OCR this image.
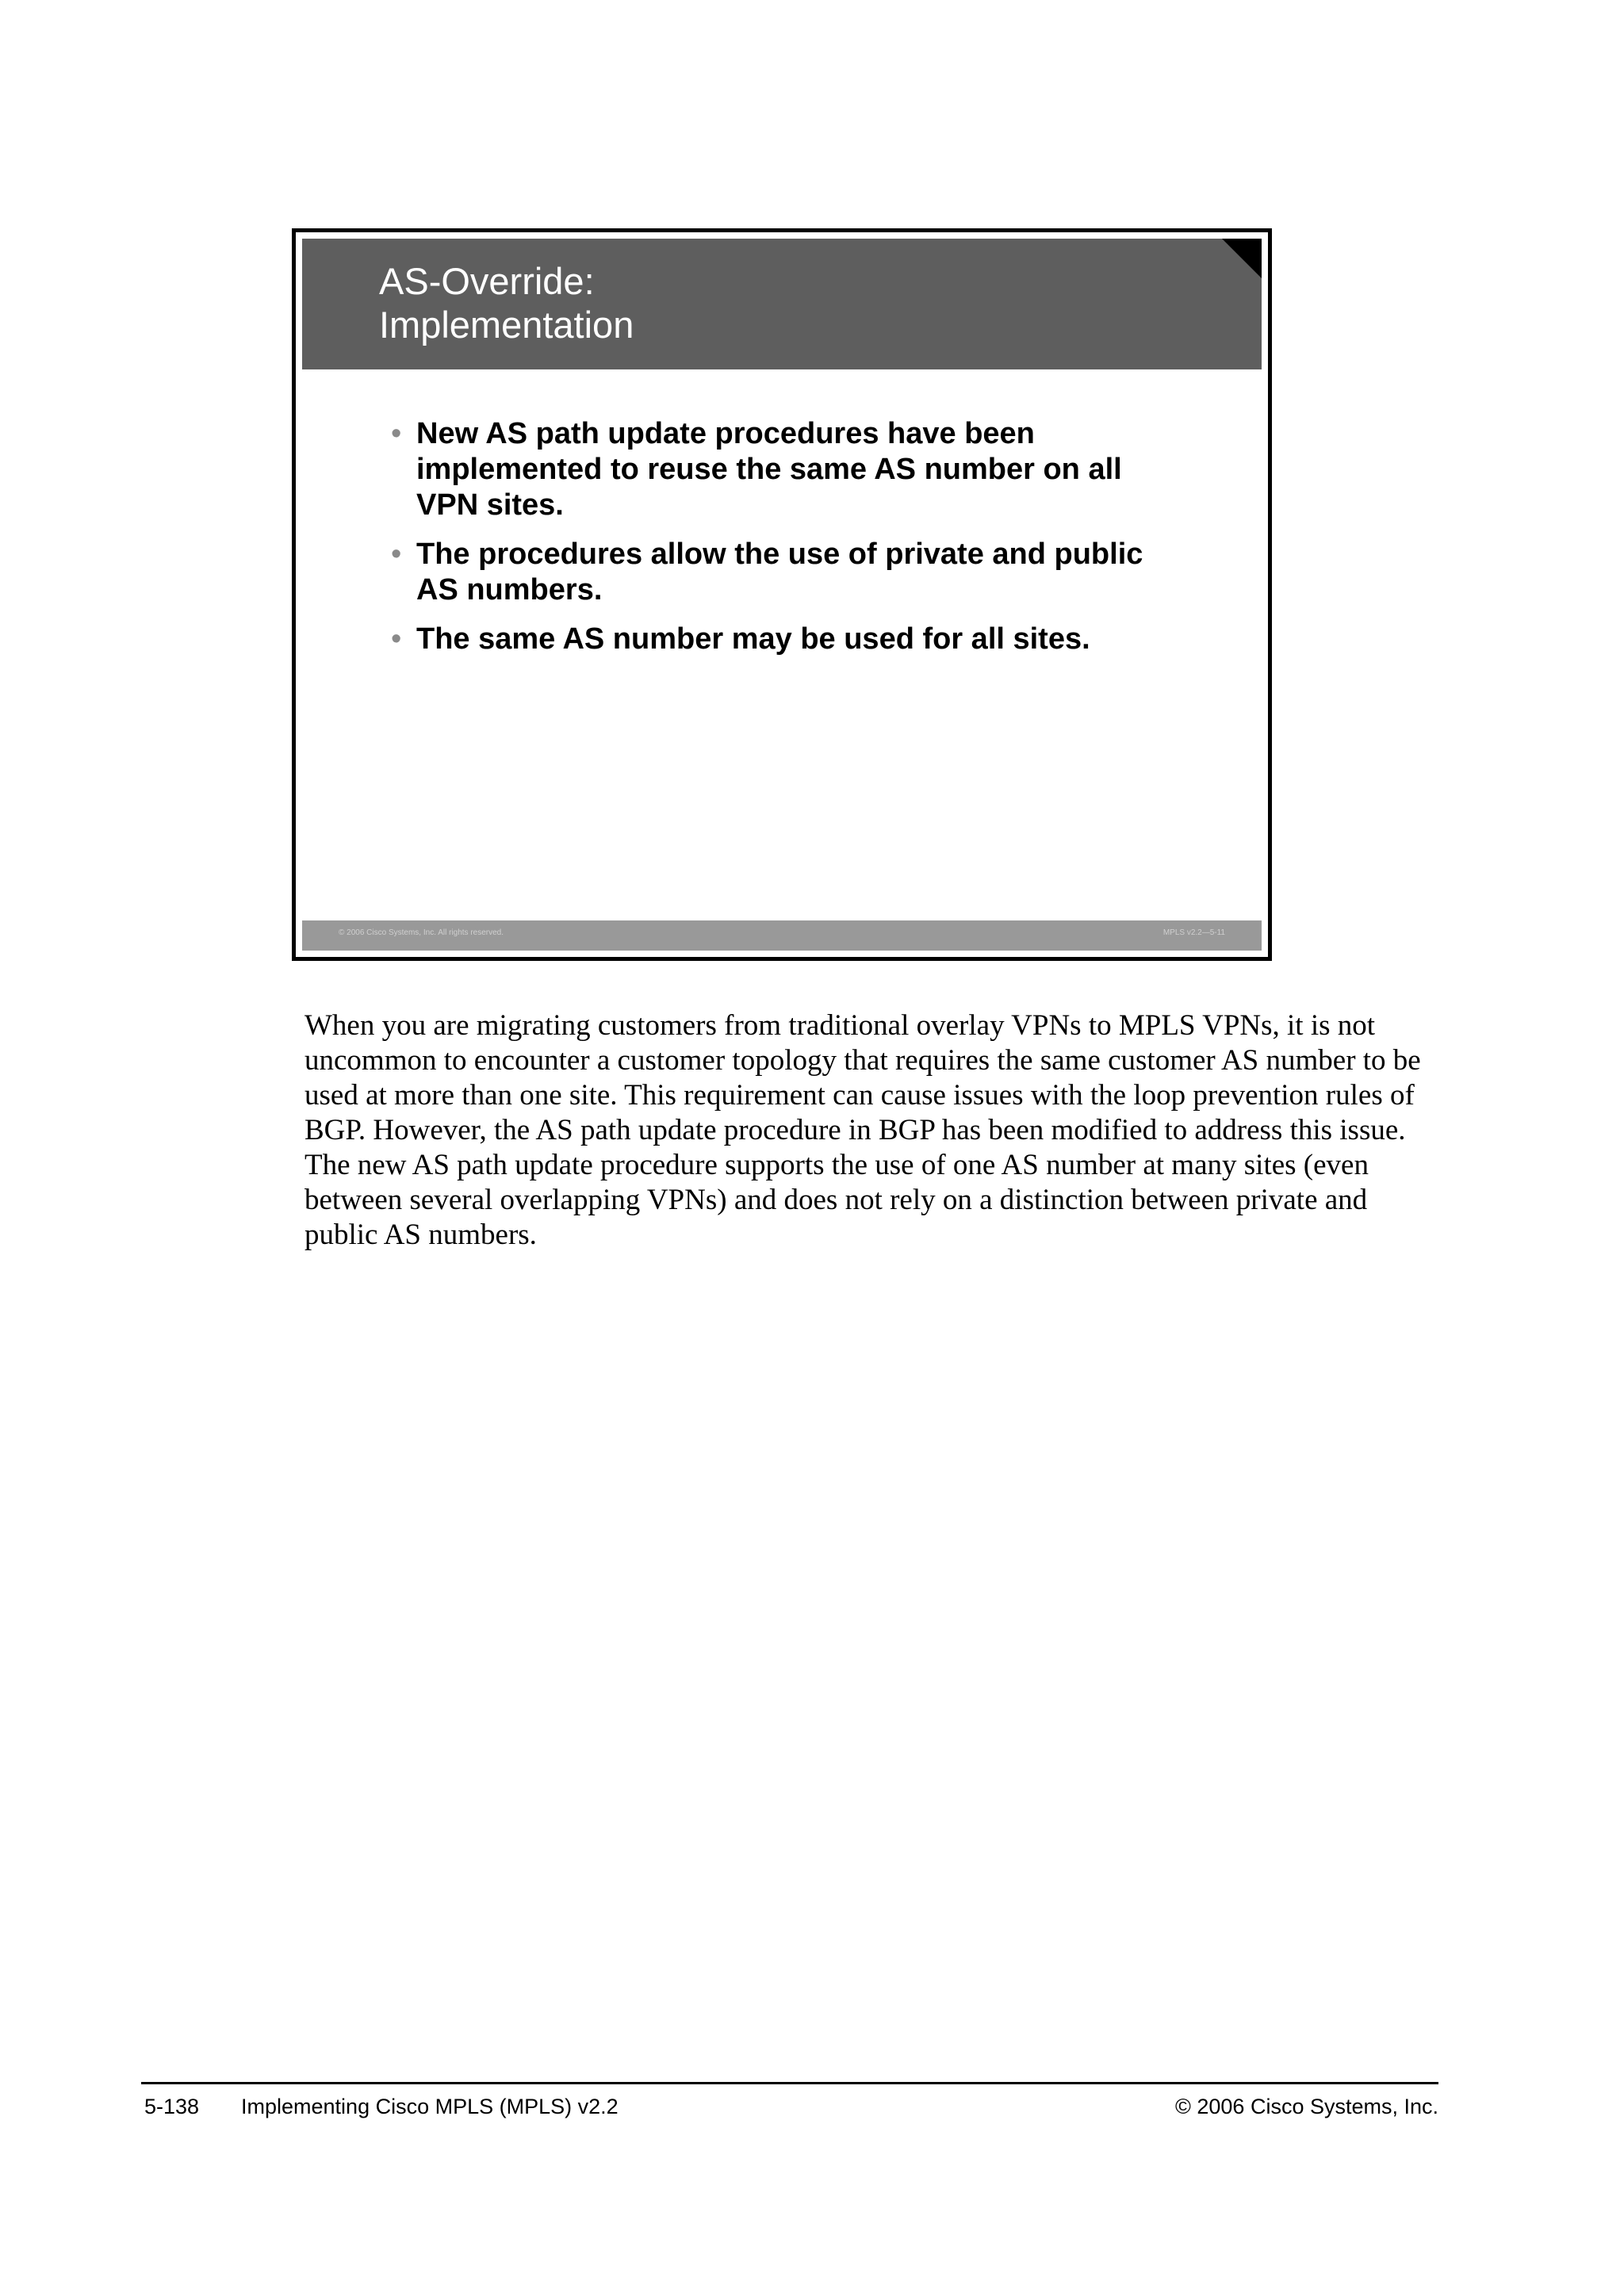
AS-Override:
Implementation
• New AS path update procedures have been implemented to reuse the same AS number on all VPN sites.
• The procedures allow the use of private and public AS numbers.
• The same AS number may be used for all sites.
© 2006 Cisco Systems, Inc. All rights reserved.	MPLS v2.2—5-11

When you are migrating customers from traditional overlay VPNs to MPLS VPNs, it is not uncommon to encounter a customer topology that requires the same customer AS number to be used at more than one site. This requirement can cause issues with the loop prevention rules of BGP. However, the AS path update procedure in BGP has been modified to address this issue. The new AS path update procedure supports the use of one AS number at many sites (even between several overlapping VPNs) and does not rely on a distinction between private and public AS numbers.

5-138 Implementing Cisco MPLS (MPLS) v2.2	© 2006 Cisco Systems, Inc.
